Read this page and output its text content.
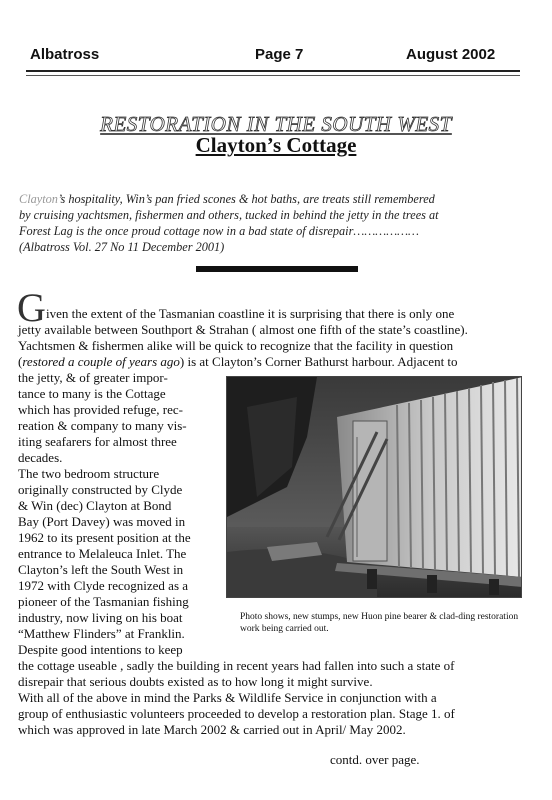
Albatross	Page 7	August 2002
RESTORATION IN THE SOUTH WEST
Clayton’s Cottage
Clayton’s hospitality, Win’s pan fried scones & hot baths, are treats still remembered
by cruising yachtsmen, fishermen and others, tucked in behind the jetty in the trees at
Forest Lag is the once proud cottage now in a bad state of disrepair………………
(Albatross Vol. 27 No 11 December 2001)
G iven the extent of the Tasmanian coastline it is surprising that there is only one
jetty available between Southport & Strahan ( almost one fifth of the state’s coastline).
Yachtsmen & fishermen alike will be quick to recognize that the facility in question
(restored a couple of years ago) is at Clayton’s Corner Bathurst harbour. Adjacent to
the jetty, & of greater impor-
tance to many is the Cottage
which has provided refuge, rec-
reation & company to many vis-
iting seafarers for almost three
decades.
The two bedroom structure
originally constructed by Clyde
& Win (dec) Clayton at Bond
Bay (Port Davey) was moved in
1962 to its present position at the
entrance to Melaleuca Inlet. The
Clayton’s left the South West in
1972 with Clyde recognized as a
pioneer of the Tasmanian fishing
industry, now living on his boat
“Matthew Flinders” at Franklin.
Despite good intentions to keep
the cottage useable , sadly the building in recent years had fallen into such a state of
disrepair that serious doubts existed as to how long it might survive.
With all of the above in mind the Parks & Wildlife Service in conjunction with a
group of enthusiastic volunteers proceeded to develop a restoration plan. Stage 1. of
which was approved in late March 2002 & carried out in April/ May 2002.
Photo shows, new stumps, new Huon pine bearer & clad-ding restoration work being carried out.
contd. over page.
